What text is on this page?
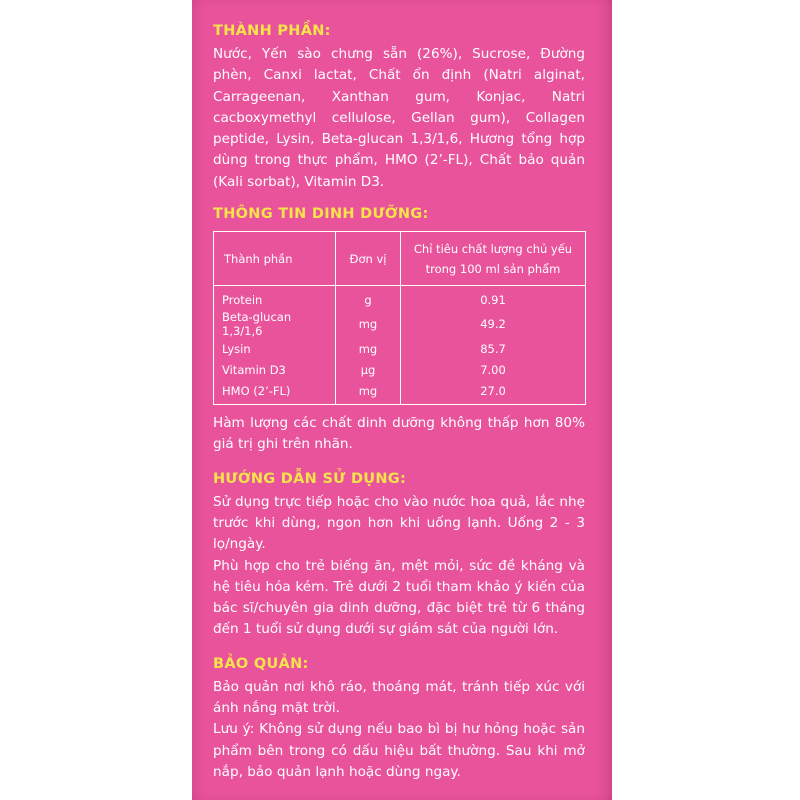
THÀNH PHẦN:

Nước, Yến sào chưng sẵn (26%), Sucrose, Đường phèn, Canxi lactat, Chất ổn định (Natri alginat, Carrageenan, Xanthan gum, Konjac, Natri cacboxymethyl cellulose, Gellan gum), Collagen peptide, Lysin, Beta-glucan 1,3/1,6, Hương tổng hợp dùng trong thực phẩm, HMO (2’-FL), Chất bảo quản (Kali sorbat), Vitamin D3.

THÔNG TIN DINH DƯỠNG:
Thành phần	Đơn vị	Chỉ tiêu chất lượng chủ yếu trong 100 ml sản phẩm
Protein	g	0.91
Beta-glucan 1,3/1,6	mg	49.2
Lysin	mg	85.7
Vitamin D3	µg	7.00
HMO (2’-FL)	mg	27.0

Hàm lượng các chất dinh dưỡng không thấp hơn 80% giá trị ghi trên nhãn.

HƯỚNG DẪN SỬ DỤNG:

Sử dụng trực tiếp hoặc cho vào nước hoa quả, lắc nhẹ trước khi dùng, ngon hơn khi uống lạnh. Uống 2 - 3 lọ/ngày.

Phù hợp cho trẻ biếng ăn, mệt mỏi, sức đề kháng và hệ tiêu hóa kém. Trẻ dưới 2 tuổi tham khảo ý kiến của bác sĩ/chuyên gia dinh dưỡng, đặc biệt trẻ từ 6 tháng đến 1 tuổi sử dụng dưới sự giám sát của người lớn.

BẢO QUẢN:

Bảo quản nơi khô ráo, thoáng mát, tránh tiếp xúc với ánh nắng mặt trời.

Lưu ý: Không sử dụng nếu bao bì bị hư hỏng hoặc sản phẩm bên trong có dấu hiệu bất thường. Sau khi mở nắp, bảo quản lạnh hoặc dùng ngay.
